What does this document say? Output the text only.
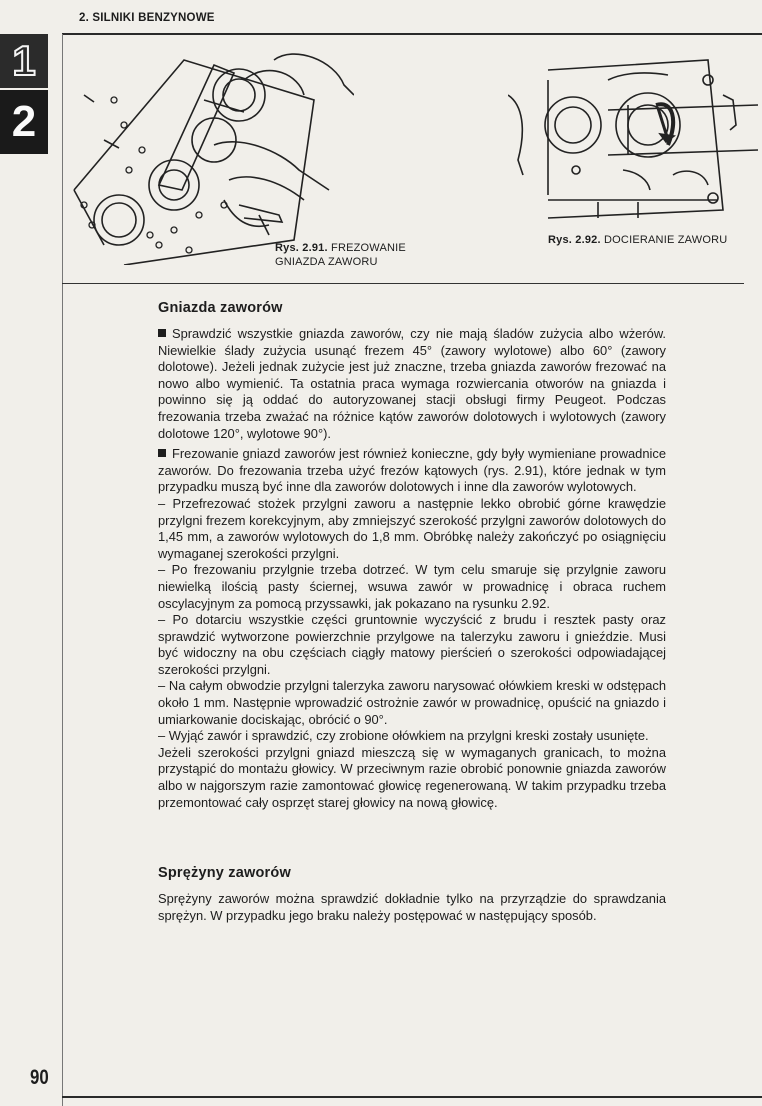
2. SILNIKI BENZYNOWE
1
2
Rys. 2.91. FREZOWANIE
GNIAZDA ZAWORU
Rys. 2.92. DOCIERANIE ZAWORU
Gniazda zaworów

Sprawdzić wszystkie gniazda zaworów, czy nie mają śladów zużycia albo wżerów. Niewielkie ślady zużycia usunąć frezem 45° (zawory wylotowe) albo 60° (zawory dolotowe). Jeżeli jednak zużycie jest już znaczne, trzeba gniazda zaworów frezować na nowo albo wymienić. Ta ostatnia praca wymaga rozwiercania otworów na gniazda i powinno się ją oddać do autoryzowanej stacji obsługi firmy Peugeot. Podczas frezowania trzeba zważać na różnice kątów zaworów dolotowych i wylotowych (zawory dolotowe 120°, wylotowe 90°).

Frezowanie gniazd zaworów jest również konieczne, gdy były wymieniane prowadnice zaworów. Do frezowania trzeba użyć frezów kątowych (rys. 2.91), które jednak w tym przypadku muszą być inne dla zaworów dolotowych i inne dla zaworów wylotowych.

– Przefrezować stożek przylgni zaworu a następnie lekko obrobić górne krawędzie przylgni frezem korekcyjnym, aby zmniejszyć szerokość przylgni zaworów dolotowych do 1,45 mm, a zaworów wylotowych do 1,8 mm. Obróbkę należy zakończyć po osiągnięciu wymaganej szerokości przylgni.

– Po frezowaniu przylgnie trzeba dotrzeć. W tym celu smaruje się przylgnie zaworu niewielką ilością pasty ściernej, wsuwa zawór w prowadnicę i obraca ruchem oscylacyjnym za pomocą przyssawki, jak pokazano na rysunku 2.92.

– Po dotarciu wszystkie części gruntownie wyczyścić z brudu i resztek pasty oraz sprawdzić wytworzone powierzchnie przylgowe na talerzyku zaworu i gnieździe. Musi być widoczny na obu częściach ciągły matowy pierścień o szerokości odpowiadającej szerokości przylgni.

– Na całym obwodzie przylgni talerzyka zaworu narysować ołówkiem kreski w odstępach około 1 mm. Następnie wprowadzić ostrożnie zawór w prowadnicę, opuścić na gniazdo i umiarkowanie dociskając, obrócić o 90°.

– Wyjąć zawór i sprawdzić, czy zrobione ołówkiem na przylgni kreski zostały usunięte.

Jeżeli szerokości przylgni gniazd mieszczą się w wymaganych granicach, to można przystąpić do montażu głowicy. W przeciwnym razie obrobić ponownie gniazda zaworów albo w najgorszym razie zamontować głowicę regenerowaną. W takim przypadku trzeba przemontować cały osprzęt starej głowicy na nową głowicę.

Sprężyny zaworów

Sprężyny zaworów można sprawdzić dokładnie tylko na przyrządzie do sprawdzania sprężyn. W przypadku jego braku należy postępować w następujący sposób.

90
